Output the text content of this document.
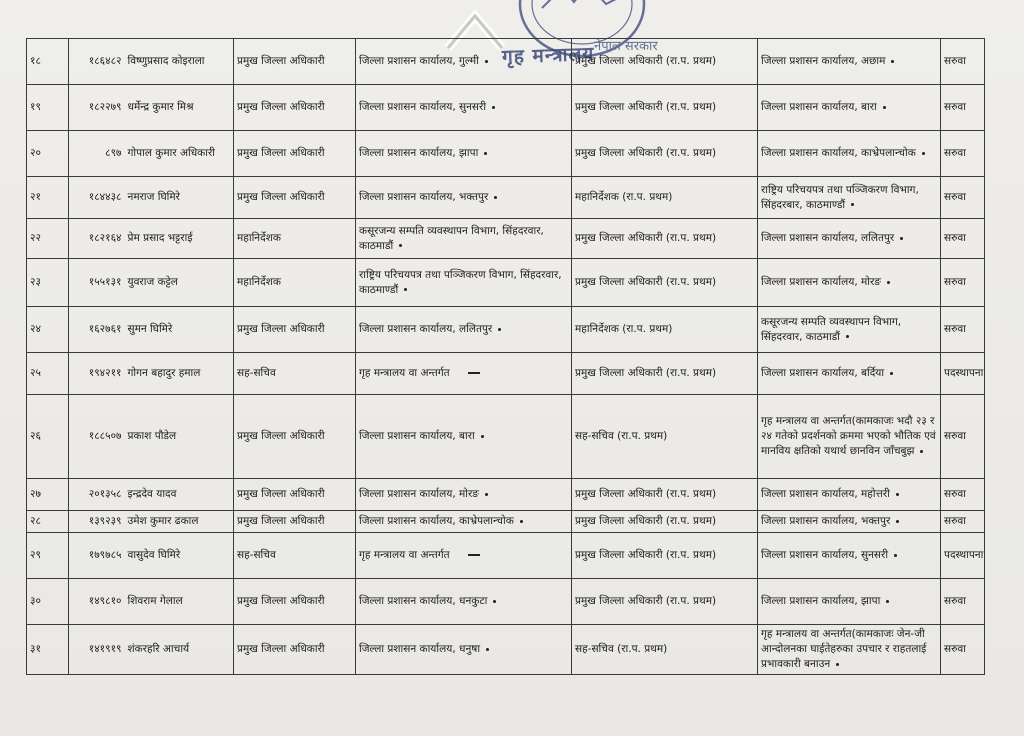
नेपाल सरकार
गृह मन्त्रालय
१८	१८६४८२	विष्णुप्रसाद कोइराला	प्रमुख जिल्ला अधिकारी	जिल्ला प्रशासन कार्यालय, गुल्मी	प्रमुख जिल्ला अधिकारी (रा.प. प्रथम)	जिल्ला प्रशासन कार्यालय, अछाम	सरुवा
१९	१८२२७९	धर्मेन्द्र कुमार मिश्र	प्रमुख जिल्ला अधिकारी	जिल्ला प्रशासन कार्यालय, सुनसरी	प्रमुख जिल्ला अधिकारी (रा.प. प्रथम)	जिल्ला प्रशासन कार्यालय, बारा	सरुवा
२०	८९७	गोपाल कुमार अधिकारी	प्रमुख जिल्ला अधिकारी	जिल्ला प्रशासन कार्यालय, झापा	प्रमुख जिल्ला अधिकारी (रा.प. प्रथम)	जिल्ला प्रशासन कार्यालय, काभ्रेपलान्चोक	सरुवा
२१	१८४४३८	नमराज घिमिरे	प्रमुख जिल्ला अधिकारी	जिल्ला प्रशासन कार्यालय, भक्तपुर	महानिर्देशक (रा.प. प्रथम)	राष्ट्रिय परिचयपत्र तथा पञ्जिकरण विभाग, सिंहदरबार, काठमाण्डौं	सरुवा
२२	१८२१६४	प्रेम प्रसाद भट्टराई	महानिर्देशक	कसूरजन्य सम्पति व्यवस्थापन विभाग, सिंहदरवार, काठमाडौं	प्रमुख जिल्ला अधिकारी (रा.प. प्रथम)	जिल्ला प्रशासन कार्यालय, ललितपुर	सरुवा
२३	१५५१३१	युवराज कट्टेल	महानिर्देशक	राष्ट्रिय परिचयपत्र तथा पञ्जिकरण विभाग, सिंहदरवार, काठमाण्डौं	प्रमुख जिल्ला अधिकारी (रा.प. प्रथम)	जिल्ला प्रशासन कार्यालय, मोरङ	सरुवा
२४	१६२७६१	सुमन घिमिरे	प्रमुख जिल्ला अधिकारी	जिल्ला प्रशासन कार्यालय, ललितपुर	महानिर्देशक (रा.प. प्रथम)	कसूरजन्य सम्पति व्यवस्थापन विभाग, सिंहदरवार, काठमाडौं	सरुवा
२५	१९४२११	गोगन बहादुर हमाल	सह-सचिव	गृह मन्त्रालय वा अन्तर्गत	प्रमुख जिल्ला अधिकारी (रा.प. प्रथम)	जिल्ला प्रशासन कार्यालय, बर्दिया	पदस्थापना
२६	१८८५०७	प्रकाश पौडेल	प्रमुख जिल्ला अधिकारी	जिल्ला प्रशासन कार्यालय, बारा	सह-सचिव (रा.प. प्रथम)	गृह मन्त्रालय वा अन्तर्गत(कामकाजः भदौ २३ र २४ गतेको प्रदर्शनको क्रममा भएको भौतिक एवं मानविय क्षतिको यथार्थ छानविन जाँचबुझ	सरुवा
२७	२०१३५८	इन्द्रदेव यादव	प्रमुख जिल्ला अधिकारी	जिल्ला प्रशासन कार्यालय, मोरङ	प्रमुख जिल्ला अधिकारी (रा.प. प्रथम)	जिल्ला प्रशासन कार्यालय, महोत्तरी	सरुवा
२८	१३९२३९	उमेश कुमार ढकाल	प्रमुख जिल्ला अधिकारी	जिल्ला प्रशासन कार्यालय, काभ्रेपलान्चोक	प्रमुख जिल्ला अधिकारी (रा.प. प्रथम)	जिल्ला प्रशासन कार्यालय, भक्तपुर	सरुवा
२९	१७९७८५	वासुदेव घिमिरे	सह-सचिव	गृह मन्त्रालय वा अन्तर्गत	प्रमुख जिल्ला अधिकारी (रा.प. प्रथम)	जिल्ला प्रशासन कार्यालय, सुनसरी	पदस्थापना
३०	१४९८१०	शिवराम गेलाल	प्रमुख जिल्ला अधिकारी	जिल्ला प्रशासन कार्यालय, धनकुटा	प्रमुख जिल्ला अधिकारी (रा.प. प्रथम)	जिल्ला प्रशासन कार्यालय, झापा	सरुवा
३१	१४१९१९	शंकरहरि आचार्य	प्रमुख जिल्ला अधिकारी	जिल्ला प्रशासन कार्यालय, धनुषा	सह-सचिव (रा.प. प्रथम)	गृह मन्त्रालय वा अन्तर्गत(कामकाजः जेन-जी आन्दोलनका घाईतेहरुका उपचार र राहतलाई प्रभावकारी बनाउन	सरुवा
